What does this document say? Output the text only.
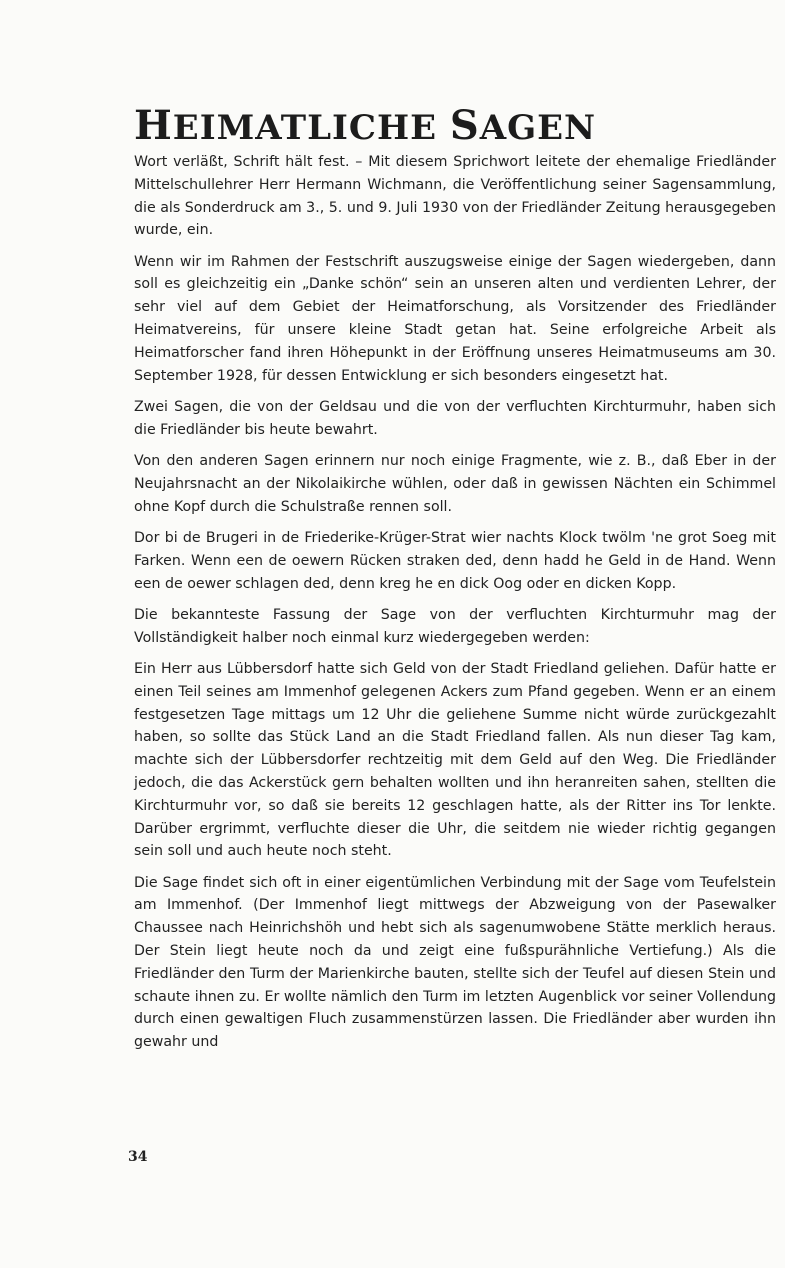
HEIMATLICHE SAGEN

Wort verläßt, Schrift hält fest. – Mit diesem Sprichwort leitete der ehemalige Friedländer Mittelschullehrer Herr Hermann Wichmann, die Veröffentlichung seiner Sagensammlung, die als Sonderdruck am 3., 5. und 9. Juli 1930 von der Friedländer Zeitung herausgegeben wurde, ein.

Wenn wir im Rahmen der Festschrift auszugsweise einige der Sagen wiedergeben, dann soll es gleichzeitig ein „Danke schön“ sein an unseren alten und verdienten Lehrer, der sehr viel auf dem Gebiet der Heimatforschung, als Vorsitzender des Friedländer Heimatvereins, für unsere kleine Stadt getan hat. Seine erfolgreiche Arbeit als Heimatforscher fand ihren Höhepunkt in der Eröffnung unseres Heimatmuseums am 30. September 1928, für dessen Entwicklung er sich besonders eingesetzt hat.

Zwei Sagen, die von der Geldsau und die von der verfluchten Kirchturmuhr, haben sich die Friedländer bis heute bewahrt.

Von den anderen Sagen erinnern nur noch einige Fragmente, wie z. B., daß Eber in der Neujahrsnacht an der Nikolaikirche wühlen, oder daß in gewissen Nächten ein Schimmel ohne Kopf durch die Schulstraße rennen soll.

Dor bi de Brugeri in de Friederike-Krüger-Strat wier nachts Klock twölm 'ne grot Soeg mit Farken. Wenn een de oewern Rücken straken ded, denn hadd he Geld in de Hand. Wenn een de oewer schlagen ded, denn kreg he en dick Oog oder en dicken Kopp.

Die bekannteste Fassung der Sage von der verfluchten Kirchturmuhr mag der Vollständigkeit halber noch einmal kurz wiedergegeben werden:

Ein Herr aus Lübbersdorf hatte sich Geld von der Stadt Friedland geliehen. Dafür hatte er einen Teil seines am Immenhof gelegenen Ackers zum Pfand gegeben. Wenn er an einem festgesetzen Tage mittags um 12 Uhr die geliehene Summe nicht würde zurückgezahlt haben, so sollte das Stück Land an die Stadt Friedland fallen. Als nun dieser Tag kam, machte sich der Lübbersdorfer rechtzeitig mit dem Geld auf den Weg. Die Friedländer jedoch, die das Ackerstück gern behalten wollten und ihn heranreiten sahen, stellten die Kirchturmuhr vor, so daß sie bereits 12 geschlagen hatte, als der Ritter ins Tor lenkte. Darüber ergrimmt, verfluchte dieser die Uhr, die seitdem nie wieder richtig gegangen sein soll und auch heute noch steht.

Die Sage findet sich oft in einer eigentümlichen Verbindung mit der Sage vom Teufelstein am Immenhof. (Der Immenhof liegt mittwegs der Abzweigung von der Pasewalker Chaussee nach Heinrichshöh und hebt sich als sagenumwobene Stätte merklich heraus. Der Stein liegt heute noch da und zeigt eine fußspurähnliche Vertiefung.) Als die Friedländer den Turm der Marienkirche bauten, stellte sich der Teufel auf diesen Stein und schaute ihnen zu. Er wollte nämlich den Turm im letzten Augenblick vor seiner Vollendung durch einen gewaltigen Fluch zusammenstürzen lassen. Die Friedländer aber wurden ihn gewahr und

34
